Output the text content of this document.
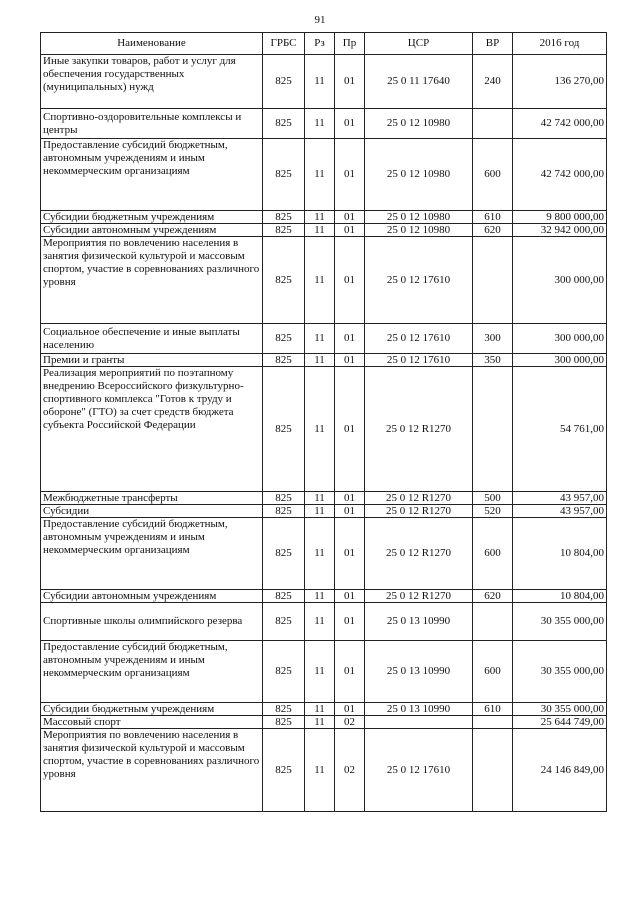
91
Наименование	ГРБС	Рз	Пр	ЦСР	ВР	2016 год
Иные закупки товаров, работ и услуг для обеспечения государственных (муниципальных) нужд	825	11	01	25 0 11 17640	240	136 270,00
Спортивно-оздоровительные комплексы и центры	825	11	01	25 0 12 10980		42 742 000,00
Предоставление субсидий бюджетным, автономным учреждениям и иным некоммерческим организациям	825	11	01	25 0 12 10980	600	42 742 000,00
Субсидии бюджетным учреждениям	825	11	01	25 0 12 10980	610	9 800 000,00
Субсидии автономным учреждениям	825	11	01	25 0 12 10980	620	32 942 000,00
Мероприятия по вовлечению населения в занятия физической культурой и массовым спортом, участие в соревнованиях различного уровня	825	11	01	25 0 12 17610		300 000,00
Социальное обеспечение и иные выплаты населению	825	11	01	25 0 12 17610	300	300 000,00
Премии и гранты	825	11	01	25 0 12 17610	350	300 000,00
Реализация мероприятий по поэтапному внедрению Всероссийского физкультурно-спортивного комплекса "Готов к труду и обороне" (ГТО) за счет средств бюджета субъекта Российской Федерации	825	11	01	25 0 12 R1270		54 761,00
Межбюджетные трансферты	825	11	01	25 0 12 R1270	500	43 957,00
Субсидии	825	11	01	25 0 12 R1270	520	43 957,00
Предоставление субсидий бюджетным, автономным учреждениям и иным некоммерческим организациям	825	11	01	25 0 12 R1270	600	10 804,00
Субсидии автономным учреждениям	825	11	01	25 0 12 R1270	620	10 804,00
Спортивные школы олимпийского резерва	825	11	01	25 0 13 10990		30 355 000,00
Предоставление субсидий бюджетным, автономным учреждениям и иным некоммерческим организациям	825	11	01	25 0 13 10990	600	30 355 000,00
Субсидии бюджетным учреждениям	825	11	01	25 0 13 10990	610	30 355 000,00
Массовый спорт	825	11	02			25 644 749,00
Мероприятия по вовлечению населения в занятия физической культурой и массовым спортом, участие в соревнованиях различного уровня	825	11	02	25 0 12 17610		24 146 849,00
